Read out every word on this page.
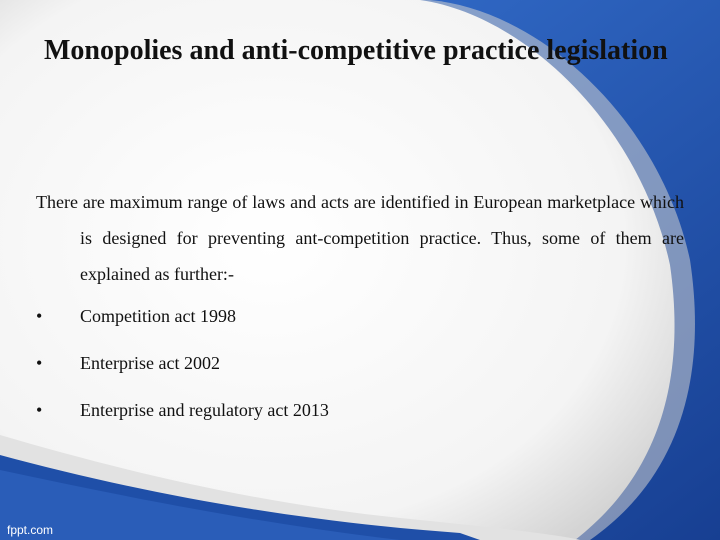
Monopolies and anti-competitive practice legislation

There are maximum range of laws and acts are identified in European marketplace which is designed for preventing ant-competition practice. Thus, some of them are explained as further:-

• Competition act 1998
• Enterprise act 2002
• Enterprise and regulatory act 2013
fppt.com
